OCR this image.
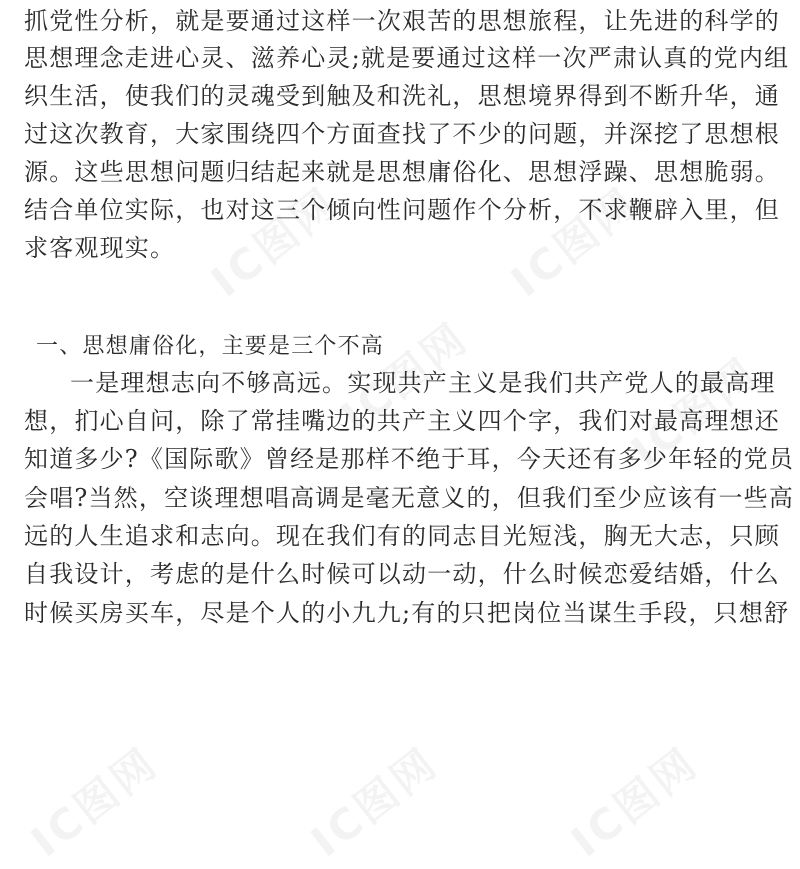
IC图网	IC图网
IC图网	IC图网
IC图网	IC图网	IC图网
抓党性分析，就是要通过这样一次艰苦的思想旅程，让先进的科学的
思想理念走进心灵、滋养心灵;就是要通过这样一次严肃认真的党内组
织生活，使我们的灵魂受到触及和洗礼，思想境界得到不断升华，通
过这次教育，大家围绕四个方面查找了不少的问题，并深挖了思想根
源。这些思想问题归结起来就是思想庸俗化、思想浮躁、思想脆弱。
结合单位实际，也对这三个倾向性问题作个分析，不求鞭辟入里，但
求客观现实。
一、思想庸俗化，主要是三个不高
一是理想志向不够高远。实现共产主义是我们共产党人的最高理
想，扪心自问，除了常挂嘴边的共产主义四个字，我们对最高理想还
知道多少?《国际歌》曾经是那样不绝于耳，今天还有多少年轻的党员
会唱?当然，空谈理想唱高调是毫无意义的，但我们至少应该有一些高
远的人生追求和志向。现在我们有的同志目光短浅，胸无大志，只顾
自我设计，考虑的是什么时候可以动一动，什么时候恋爱结婚，什么
时候买房买车，尽是个人的小九九;有的只把岗位当谋生手段，只想舒
